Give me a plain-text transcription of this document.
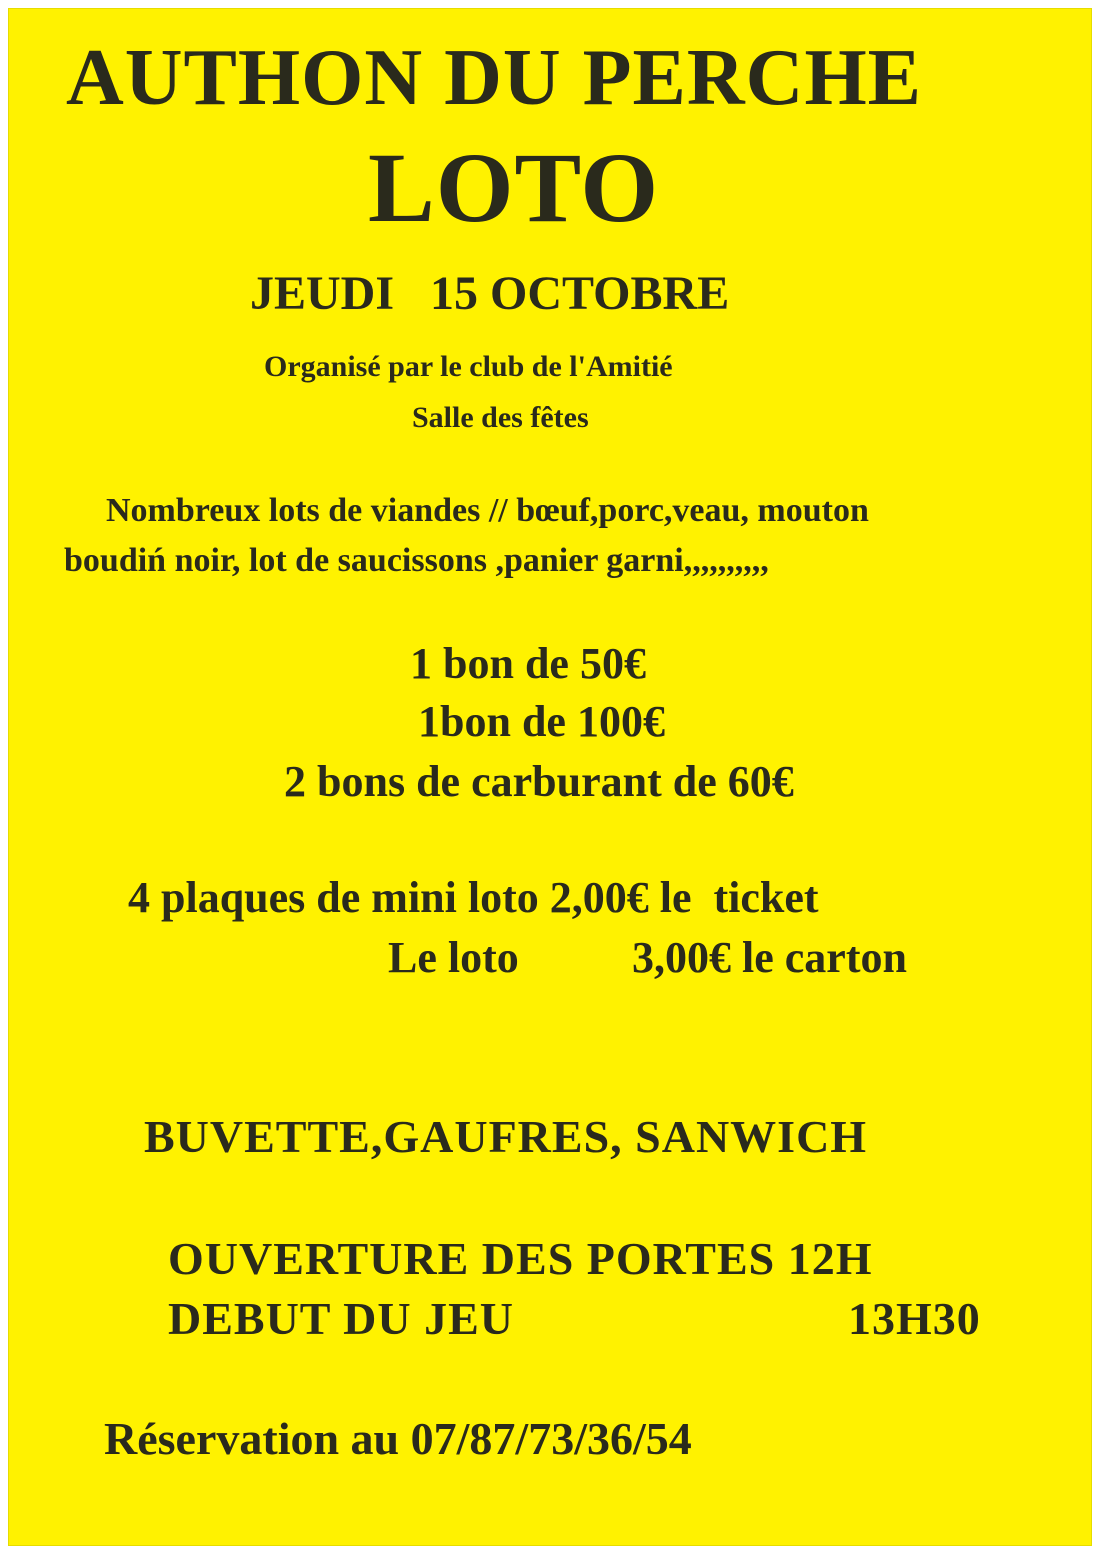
AUTHON DU PERCHE
LOTO
JEUDI   15 OCTOBRE
Organisé par le club de l'Amitié
Salle des fêtes
Nombreux lots de viandes // bœuf,porc,veau, mouton
boudiń noir, lot de saucissons ,panier garni,,,,,,,,,,
1 bon de 50€
1bon de 100€
2 bons de carburant de 60€
4 plaques de mini loto 2,00€ le  ticket
Le loto	3,00€ le carton
BUVETTE,GAUFRES, SANWICH
OUVERTURE DES PORTES 12H
DEBUT DU JEU	13H30
Réservation au 07/87/73/36/54
